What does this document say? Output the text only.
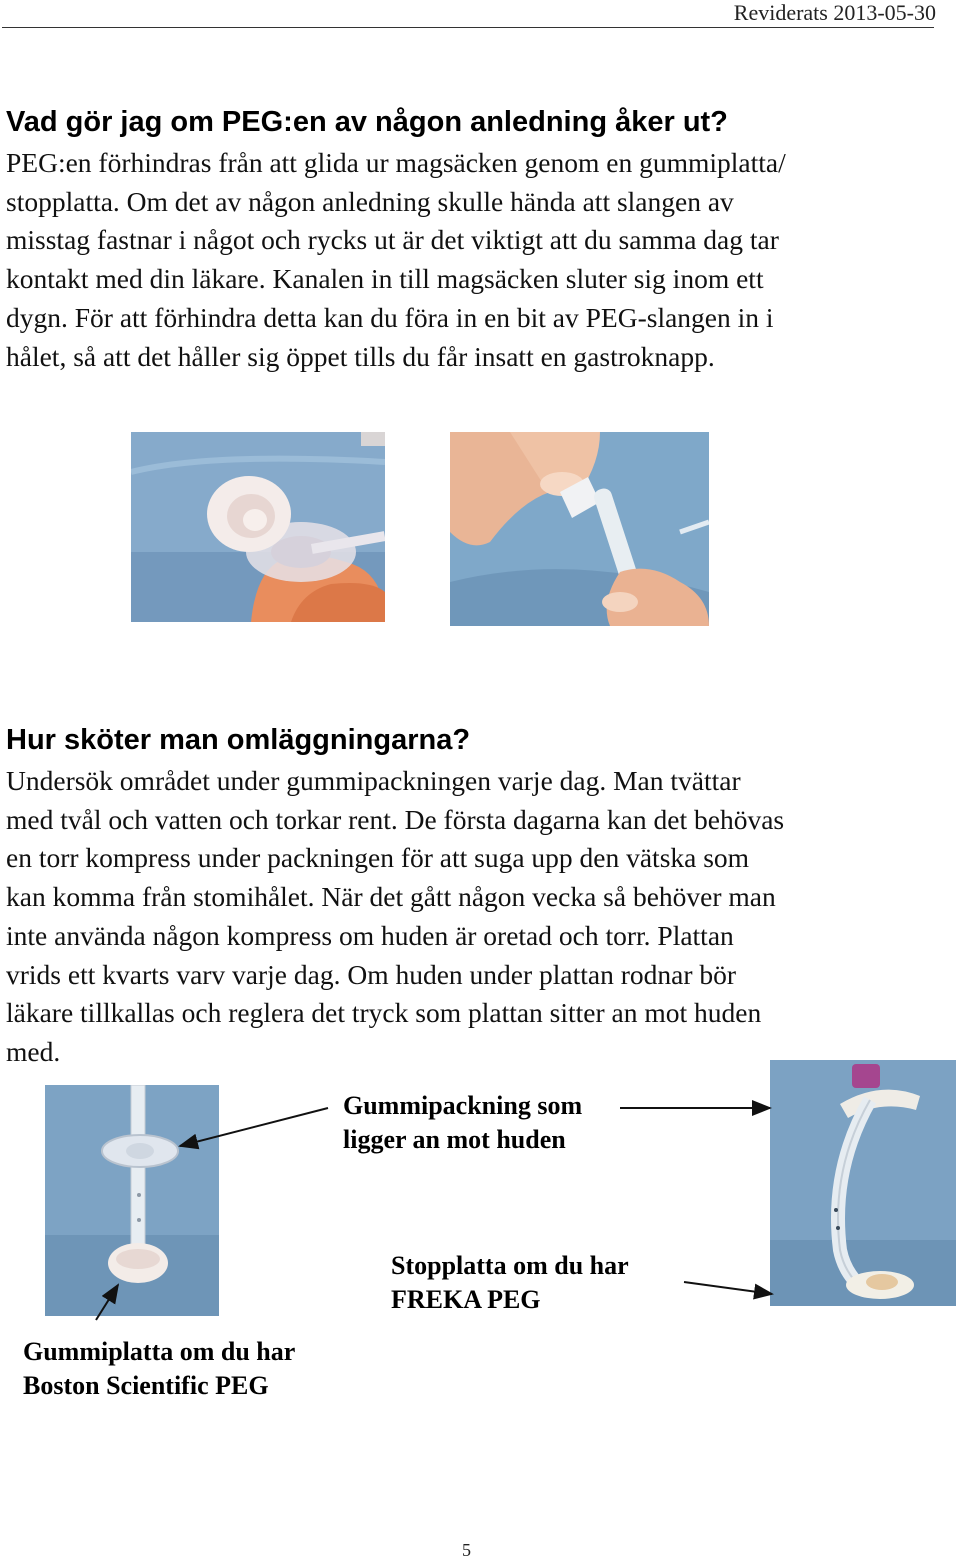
Reviderats 2013-05-30
Vad gör jag om PEG:en av någon anledning åker ut?
PEG:en förhindras från att glida ur magsäcken genom en gummiplatta/
stopplatta. Om det av någon anledning skulle hända att slangen av
misstag fastnar i något och rycks ut är det viktigt att du samma dag tar
kontakt med din läkare. Kanalen in till magsäcken sluter sig inom ett
dygn. För att förhindra detta kan du föra in en bit av PEG-slangen in i
hålet, så att det håller sig öppet tills du får insatt en gastroknapp.
Hur sköter man omläggningarna?
Undersök området under gummipackningen varje dag. Man tvättar
med tvål och vatten och torkar rent. De första dagarna kan det behövas
en torr kompress under packningen för att suga upp den vätska som
kan komma från stomihålet. När det gått någon vecka så behöver man
inte använda någon kompress om huden är oretad och torr. Plattan
vrids ett kvarts varv varje dag. Om huden under plattan rodnar bör
läkare tillkallas och reglera det tryck som plattan sitter an mot huden
med.
Gummipackning som
ligger an mot huden
Stopplatta om du har
FREKA PEG
Gummiplatta om du har
Boston Scientific PEG
5
